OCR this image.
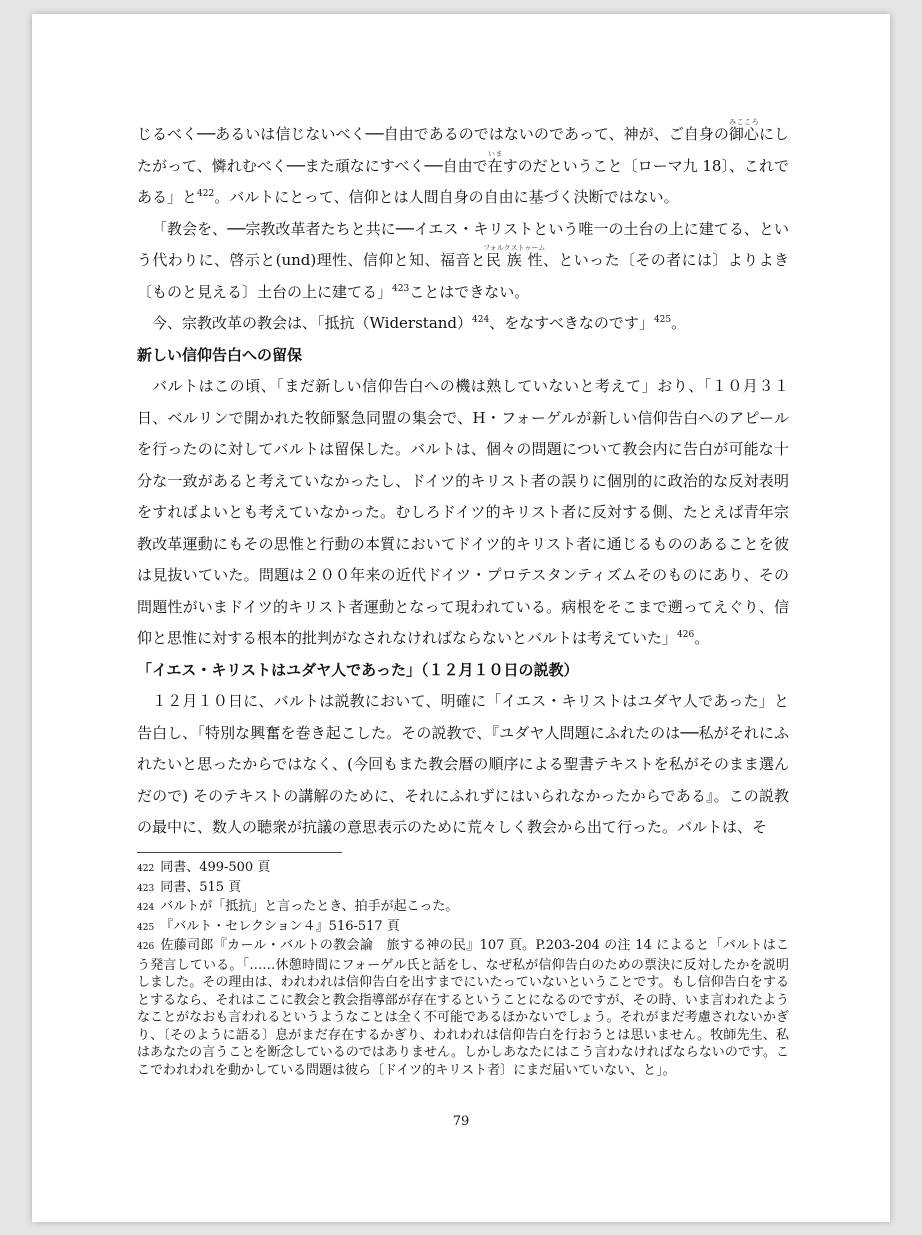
じるべく──あるいは信じないべく──自由であるのではないのであって、神が、ご自身の御心みこころにしたがって、憐れむべく──また頑なにすべく──自由で在いますのだということ〔ローマ九 18〕、これである」と$^{422}$。バルトにとって、信仰とは人間自身の自由に基づく決断ではない。

「教会を、──宗教改革者たちと共に──イエス・キリストという唯一の土台の上に建てる、という代わりに、啓示と(und)理性、信仰と知、福音と民族性フォルクストゥーム、といった〔その者には〕よりよき〔ものと見える〕土台の上に建てる」$^{423}$ことはできない。

今、宗教改革の教会は、「抵抗（Widerstand）$^{424}$、をなすべきなのです」$^{425}$。

新しい信仰告白への留保

バルトはこの頃、「まだ新しい信仰告白への機は熟していないと考えて」おり、「１０月３１日、ベルリンで開かれた牧師緊急同盟の集会で、H・フォーゲルが新しい信仰告白へのアピールを行ったのに対してバルトは留保した。バルトは、個々の問題について教会内に告白が可能な十分な一致があると考えていなかったし、ドイツ的キリスト者の誤りに個別的に政治的な反対表明をすればよいとも考えていなかった。むしろドイツ的キリスト者に反対する側、たとえば青年宗教改革運動にもその思惟と行動の本質においてドイツ的キリスト者に通じるもののあることを彼は見抜いていた。問題は２００年来の近代ドイツ・プロテスタンティズムそのものにあり、その問題性がいまドイツ的キリスト者運動となって現われている。病根をそこまで遡ってえぐり、信仰と思惟に対する根本的批判がなされなければならないとバルトは考えていた」$^{426}$。

「イエス・キリストはユダヤ人であった」（１２月１０日の説教）

１２月１０日に、バルトは説教において、明確に「イエス・キリストはユダヤ人であった」と告白し、「特別な興奮を巻き起こした。その説教で、『ユダヤ人問題にふれたのは──私がそれにふれたいと思ったからではなく、(今回もまた教会暦の順序による聖書テキストを私がそのまま選んだので) そのテキストの講解のために、それにふれずにはいられなかったからである』。この説教の最中に、数人の聴衆が抗議の意思表示のために荒々しく教会から出て行った。バルトは、そ

422 同書、499-500 頁

423 同書、515 頁

424 バルトが「抵抗」と言ったとき、拍手が起こった。

425 『バルト・セレクション４』516-517 頁

426 佐藤司郎『カール・バルトの教会論　旅する神の民』107 頁。P.203-204 の注 14 によると「バルトはこう発言している。「……休憩時間にフォーゲル氏と話をし、なぜ私が信仰告白のための票決に反対したかを説明しました。その理由は、われわれは信仰告白を出すまでにいたっていないということです。もし信仰告白をするとするなら、それはここに教会と教会指導部が存在するということになるのですが、その時、いま言われたようなことがなおも言われるというようなことは全く不可能であるほかないでしょう。それがまだ考慮されないかぎり、〔そのように語る〕息がまだ存在するかぎり、われわれは信仰告白を行おうとは思いません。牧師先生、私はあなたの言うことを断念しているのではありません。しかしあなたにはこう言わなければならないのです。ここでわれわれを動かしている問題は彼ら〔ドイツ的キリスト者〕にまだ届いていない、と」。

79
